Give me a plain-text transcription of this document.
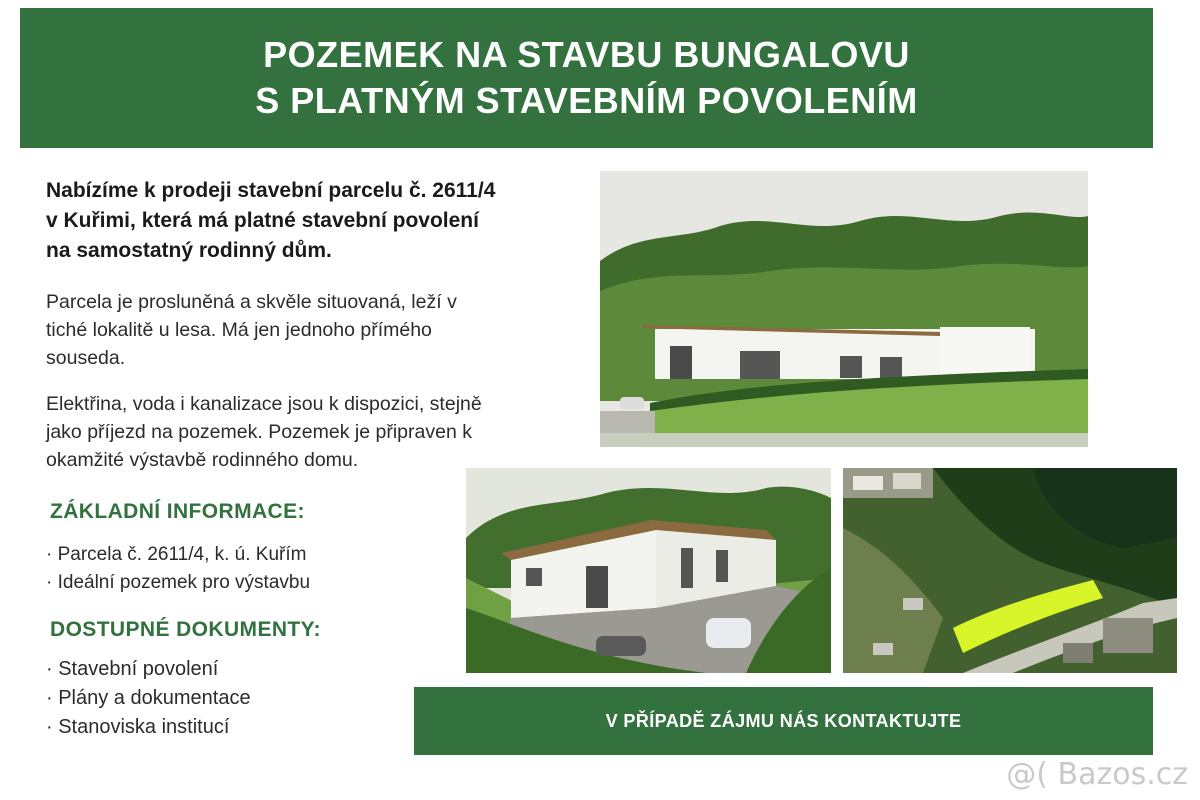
POZEMEK NA STAVBU BUNGALOVU
S PLATNÝM STAVEBNÍM POVOLENÍM
Nabízíme k prodeji stavební parcelu č. 2611/4
v Kuřimi, která má platné stavební povolení
na samostatný rodinný dům.
Parcela je prosluněná a skvěle situovaná, leží v
tiché lokalitě u lesa. Má jen jednoho přímého
souseda.
Elektřina, voda i kanalizace jsou k dispozici, stejně
jako příjezd na pozemek. Pozemek je připraven k
okamžité výstavbě rodinného domu.
ZÁKLADNÍ INFORMACE:
· Parcela č. 2611/4, k. ú. Kuřím
· Ideální pozemek pro výstavbu
DOSTUPNÉ DOKUMENTY:
· Stavební povolení
· Plány a dokumentace
· Stanoviska institucí	V PŘÍPADĚ ZÁJMU NÁS KONTAKTUJTE
@( Bazos.cz
